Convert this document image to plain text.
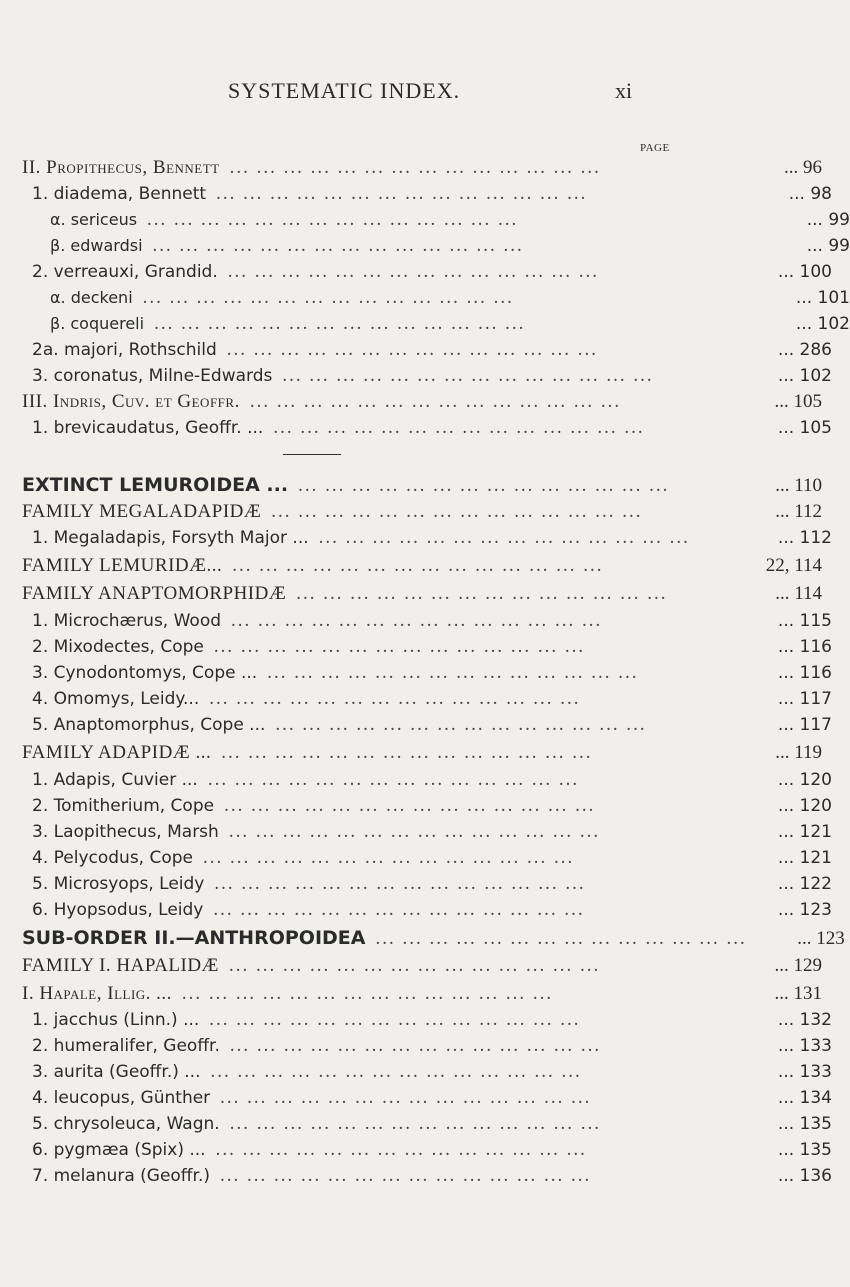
SYSTEMATIC INDEX.	xi
PAGE
II. Propithecus, Bennett ... ... ... ... ... ... ... ... ... ... ... ... ... ...	... 96
1. diadema, Bennett ... ... ... ... ... ... ... ... ... ... ... ... ... ...	... 98
α. sericeus ... ... ... ... ... ... ... ... ... ... ... ... ... ...	... 99
β. edwardsi ... ... ... ... ... ... ... ... ... ... ... ... ... ...	... 99
2. verreauxi, Grandid. ... ... ... ... ... ... ... ... ... ... ... ... ... ...	... 100
α. deckeni ... ... ... ... ... ... ... ... ... ... ... ... ... ...	... 101
β. coquereli ... ... ... ... ... ... ... ... ... ... ... ... ... ...	... 102
2a. majori, Rothschild ... ... ... ... ... ... ... ... ... ... ... ... ... ...	... 286
3. coronatus, Milne-Edwards ... ... ... ... ... ... ... ... ... ... ... ... ... ...	... 102
III. Indris, Cuv. et Geoffr. ... ... ... ... ... ... ... ... ... ... ... ... ... ...	... 105
1. brevicaudatus, Geoffr. ... ... ... ... ... ... ... ... ... ... ... ... ... ... ...	... 105
EXTINCT LEMUROIDEA ... ... ... ... ... ... ... ... ... ... ... ... ... ... ...	... 110
FAMILY MEGALADAPIDÆ ... ... ... ... ... ... ... ... ... ... ... ... ... ...	... 112
1. Megaladapis, Forsyth Major ... ... ... ... ... ... ... ... ... ... ... ... ... ... ...	... 112
FAMILY LEMURIDÆ... ... ... ... ... ... ... ... ... ... ... ... ... ... ...	22, 114
FAMILY ANAPTOMORPHIDÆ ... ... ... ... ... ... ... ... ... ... ... ... ... ...	... 114
1. Microchærus, Wood ... ... ... ... ... ... ... ... ... ... ... ... ... ...	... 115
2. Mixodectes, Cope ... ... ... ... ... ... ... ... ... ... ... ... ... ...	... 116
3. Cynodontomys, Cope ... ... ... ... ... ... ... ... ... ... ... ... ... ... ...	... 116
4. Omomys, Leidy... ... ... ... ... ... ... ... ... ... ... ... ... ... ...	... 117
5. Anaptomorphus, Cope ... ... ... ... ... ... ... ... ... ... ... ... ... ... ...	... 117
FAMILY ADAPIDÆ ... ... ... ... ... ... ... ... ... ... ... ... ... ... ...	... 119
1. Adapis, Cuvier ... ... ... ... ... ... ... ... ... ... ... ... ... ... ...	... 120
2. Tomitherium, Cope ... ... ... ... ... ... ... ... ... ... ... ... ... ...	... 120
3. Laopithecus, Marsh ... ... ... ... ... ... ... ... ... ... ... ... ... ...	... 121
4. Pelycodus, Cope ... ... ... ... ... ... ... ... ... ... ... ... ... ...	... 121
5. Microsyops, Leidy ... ... ... ... ... ... ... ... ... ... ... ... ... ...	... 122
6. Hyopsodus, Leidy ... ... ... ... ... ... ... ... ... ... ... ... ... ...	... 123
SUB-ORDER II.—ANTHROPOIDEA ... ... ... ... ... ... ... ... ... ... ... ... ... ...	... 123
FAMILY I. HAPALIDÆ ... ... ... ... ... ... ... ... ... ... ... ... ... ...	... 129
I. Hapale, Illig. ... ... ... ... ... ... ... ... ... ... ... ... ... ... ...	... 131
1. jacchus (Linn.) ... ... ... ... ... ... ... ... ... ... ... ... ... ... ...	... 132
2. humeralifer, Geoffr. ... ... ... ... ... ... ... ... ... ... ... ... ... ...	... 133
3. aurita (Geoffr.) ... ... ... ... ... ... ... ... ... ... ... ... ... ... ...	... 133
4. leucopus, Günther ... ... ... ... ... ... ... ... ... ... ... ... ... ...	... 134
5. chrysoleuca, Wagn. ... ... ... ... ... ... ... ... ... ... ... ... ... ...	... 135
6. pygmæa (Spix) ... ... ... ... ... ... ... ... ... ... ... ... ... ... ...	... 135
7. melanura (Geoffr.) ... ... ... ... ... ... ... ... ... ... ... ... ... ...	... 136
